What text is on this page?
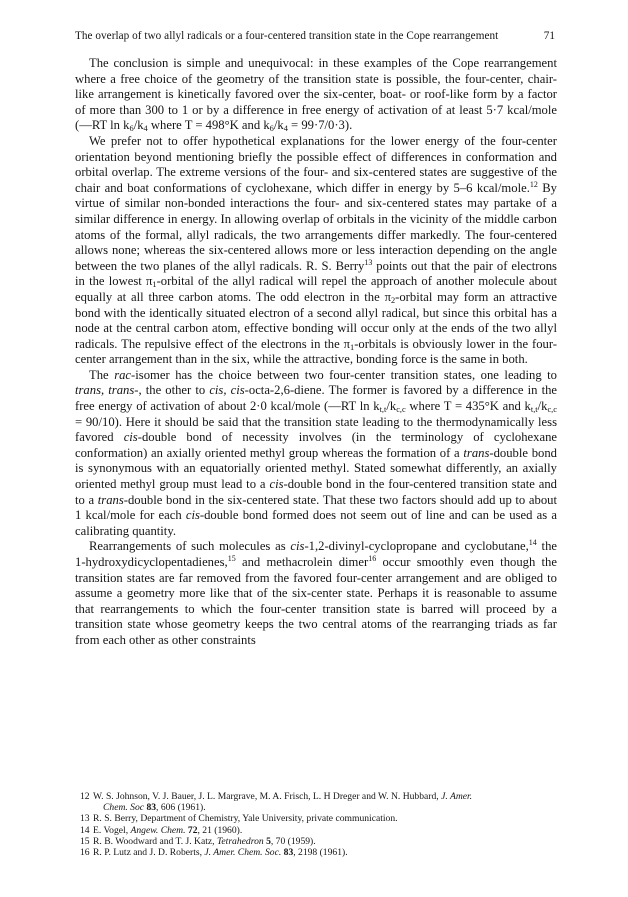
The overlap of two allyl radicals or a four-centered transition state in the Cope rearrangement	71

The conclusion is simple and unequivocal: in these examples of the Cope rearrangement where a free choice of the geometry of the transition state is possible, the four-center, chair-like arrangement is kinetically favored over the six-center, boat- or roof-like form by a factor of more than 300 to 1 or by a difference in free energy of activation of at least 5·7 kcal/mole (—RT $\ln k_6/k_4$ where T = 498°K and $k_6/k_4 = 99\cdot 7/0\cdot 3$).

We prefer not to offer hypothetical explanations for the lower energy of the four-center orientation beyond mentioning briefly the possible effect of differences in conformation and orbital overlap. The extreme versions of the four- and six-centered states are suggestive of the chair and boat conformations of cyclohexane, which differ in energy by 5–6 kcal/mole.$^{12}$ By virtue of similar non-bonded interactions the four- and six-centered states may partake of a similar difference in energy. In allowing overlap of orbitals in the vicinity of the middle carbon atoms of the formal, allyl radicals, the two arrangements differ markedly. The four-centered allows none; whereas the six-centered allows more or less interaction depending on the angle between the two planes of the allyl radicals. R. S. Berry$^{13}$ points out that the pair of electrons in the lowest $\pi_1$-orbital of the allyl radical will repel the approach of another molecule about equally at all three carbon atoms. The odd electron in the $\pi_2$-orbital may form an attractive bond with the identically situated electron of a second allyl radical, but since this orbital has a node at the central carbon atom, effective bonding will occur only at the ends of the two allyl radicals. The repulsive effect of the electrons in the $\pi_1$-orbitals is obviously lower in the four-center arrangement than in the six, while the attractive, bonding force is the same in both.

The rac-isomer has the choice between two four-center transition states, one leading to trans, trans-, the other to cis, cis-octa-2,6-diene. The former is favored by a difference in the free energy of activation of about 2·0 kcal/mole (—RT $\ln k_{t,t}/k_{c,c}$ where T = 435°K and $k_{t,t}/k_{c,c} = 90/10$). Here it should be said that the transition state leading to the thermodynamically less favored cis-double bond of necessity involves (in the terminology of cyclohexane conformation) an axially oriented methyl group whereas the formation of a trans-double bond is synonymous with an equatorially oriented methyl. Stated somewhat differently, an axially oriented methyl group must lead to a cis-double bond in the four-centered transition state and to a trans-double bond in the six-centered state. That these two factors should add up to about 1 kcal/mole for each cis-double bond formed does not seem out of line and can be used as a calibrating quantity.

Rearrangements of such molecules as cis-1,2-divinyl-cyclopropane and cyclobutane,$^{14}$ the 1-hydroxydicyclopentadienes,$^{15}$ and methacrolein dimer$^{16}$ occur smoothly even though the transition states are far removed from the favored four-center arrangement and are obliged to assume a geometry more like that of the six-center state. Perhaps it is reasonable to assume that rearrangements to which the four-center transition state is barred will proceed by a transition state whose geometry keeps the two central atoms of the rearranging triads as far from each other as other constraints

12 W. S. Johnson, V. J. Bauer, J. L. Margrave, M. A. Frisch, L. H Dreger and W. N. Hubbard, J. Amer.
Chem. Soc 83, 606 (1961).
13 R. S. Berry, Department of Chemistry, Yale University, private communication.
14 E. Vogel, Angew. Chem. 72, 21 (1960).
15 R. B. Woodward and T. J. Katz, Tetrahedron 5, 70 (1959).
16 R. P. Lutz and J. D. Roberts, J. Amer. Chem. Soc. 83, 2198 (1961).
